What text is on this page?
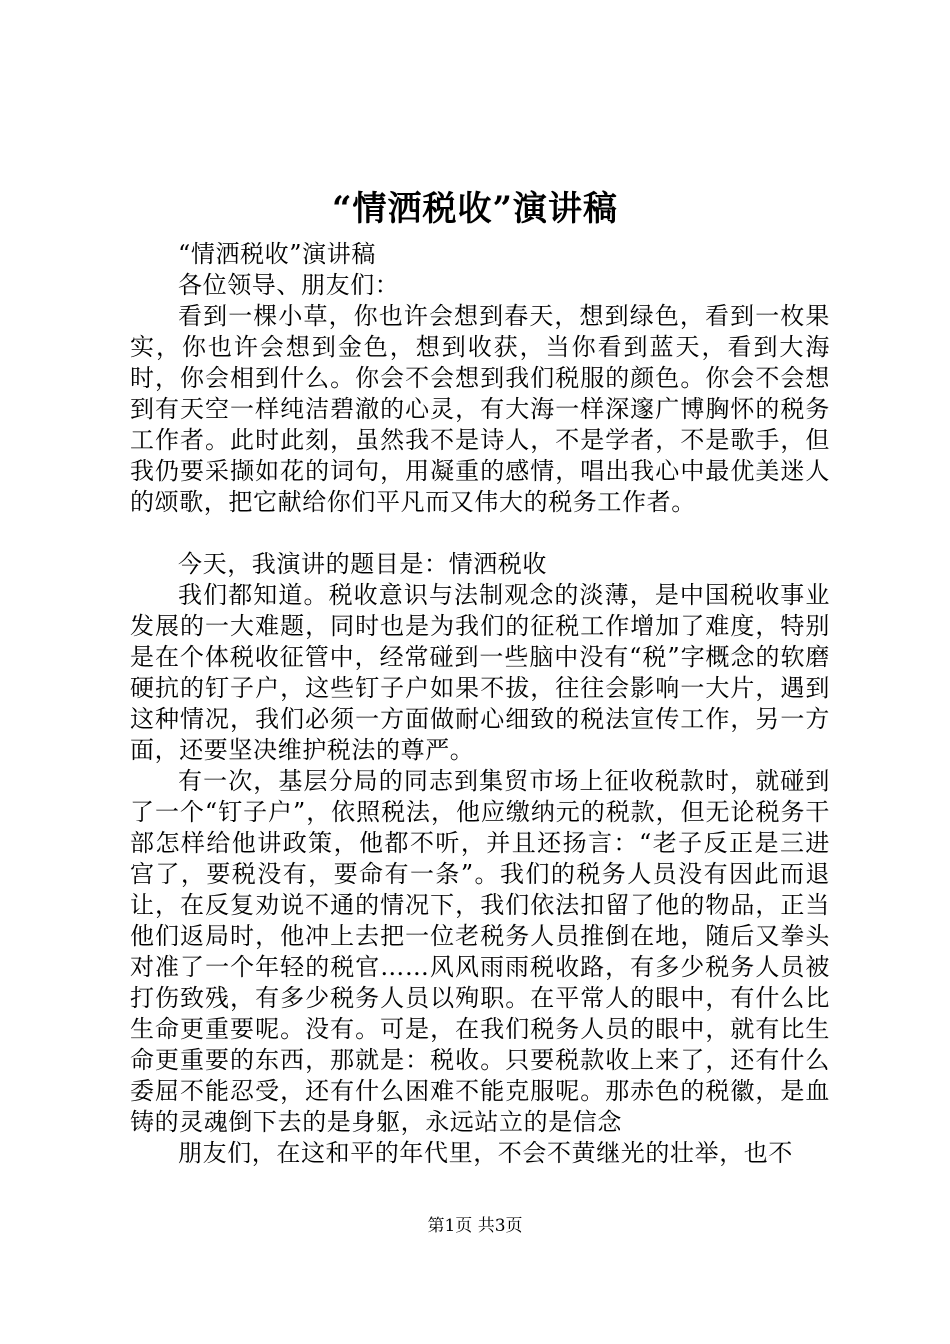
“情洒税收”演讲稿

“情洒税收”演讲稿

各位领导、朋友们：

看到一棵小草，你也许会想到春天，想到绿色，看到一枚果实，你也许会想到金色，想到收获，当你看到蓝天，看到大海时，你会相到什么。你会不会想到我们税服的颜色。你会不会想到有天空一样纯洁碧澈的心灵，有大海一样深邃广博胸怀的税务工作者。此时此刻，虽然我不是诗人，不是学者，不是歌手，但我仍要采撷如花的词句，用凝重的感情，唱出我心中最优美迷人的颂歌，把它献给你们平凡而又伟大的税务工作者。

今天，我演讲的题目是：情洒税收

我们都知道。税收意识与法制观念的淡薄，是中国税收事业发展的一大难题，同时也是为我们的征税工作增加了难度，特别是在个体税收征管中，经常碰到一些脑中没有“税”字概念的软磨硬抗的钉子户，这些钉子户如果不拔，往往会影响一大片，遇到这种情况，我们必须一方面做耐心细致的税法宣传工作，另一方面，还要坚决维护税法的尊严。

有一次，基层分局的同志到集贸市场上征收税款时，就碰到了一个“钉子户”，依照税法，他应缴纳元的税款，但无论税务干部怎样给他讲政策，他都不听，并且还扬言：“老子反正是三进宫了，要税没有，要命有一条”。我们的税务人员没有因此而退让，在反复劝说不通的情况下，我们依法扣留了他的物品，正当他们返局时，他冲上去把一位老税务人员推倒在地，随后又拳头对准了一个年轻的税官……风风雨雨税收路，有多少税务人员被打伤致残，有多少税务人员以殉职。在平常人的眼中，有什么比生命更重要呢。没有。可是，在我们税务人员的眼中，就有比生命更重要的东西，那就是：税收。只要税款收上来了，还有什么委屈不能忍受，还有什么困难不能克服呢。那赤色的税徽，是血铸的灵魂倒下去的是身躯，永远站立的是信念

朋友们，在这和平的年代里，不会不黄继光的壮举，也不

第1页 共3页
